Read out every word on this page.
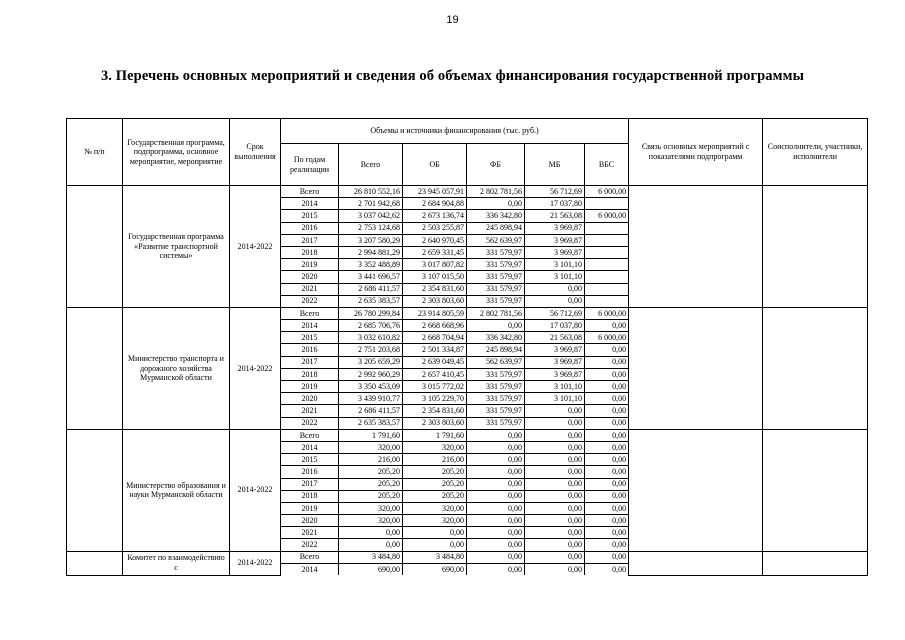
19
3. Перечень основных мероприятий и сведения об объемах финансирования государственной программы
№ п/п	Государственная программа, подпрограмма, основное мероприятие, мероприятие	Срок выполнения	Объемы и источники финансирования (тыс. руб.)						Связь основных мероприятий с показателями подпрограмм	Соисполнители, участники, исполнители
			По годам реализации	Всего	ОБ	ФБ	МБ	ВБС		
	Государственная программа «Развитие транспортной системы»	2014-2022	Всего	26 810 552,16	23 945 057,91	2 802 781,56	56 712,69	6 000,00		
			2014	2 701 942,68	2 684 904,88	0,00	17 037,80			
			2015	3 037 042,62	2 673 136,74	336 342,80	21 563,08	6 000,00		
			2016	2 753 124,68	2 503 255,87	245 898,94	3 969,87			
			2017	3 207 580,29	2 640 970,45	562 639,97	3 969,87			
			2018	2 994 881,29	2 659 331,45	331 579,97	3 969,87			
			2019	3 352 488,89	3 017 807,82	331 579,97	3 101,10			
			2020	3 441 696,57	3 107 015,50	331 579,97	3 101,10			
			2021	2 686 411,57	2 354 831,60	331 579,97	0,00			
			2022	2 635 383,57	2 303 803,60	331 579,97	0,00			
	Министерство транспорта и дорожного хозяйства Мурманской области	2014-2022	Всего	26 780 299,84	23 914 805,59	2 802 781,56	56 712,69	6 000,00		
			2014	2 685 706,76	2 668 668,96	0,00	17 037,80	0,00		
			2015	3 032 610,82	2 668 704,94	336 342,80	21 563,08	6 000,00		
			2016	2 751 203,68	2 501 334,87	245 898,94	3 969,87	0,00		
			2017	3 205 659,29	2 639 049,45	562 639,97	3 969,87	0,00		
			2018	2 992 960,29	2 657 410,45	331 579,97	3 969,87	0,00		
			2019	3 350 453,09	3 015 772,02	331 579,97	3 101,10	0,00		
			2020	3 439 910,77	3 105 229,70	331 579,97	3 101,10	0,00		
			2021	2 686 411,57	2 354 831,60	331 579,97	0,00	0,00		
			2022	2 635 383,57	2 303 803,60	331 579,97	0,00	0,00		
	Министерство образования и науки Мурманской области	2014-2022	Всего	1 791,60	1 791,60	0,00	0,00	0,00		
			2014	320,00	320,00	0,00	0,00	0,00		
			2015	216,00	216,00	0,00	0,00	0,00		
			2016	205,20	205,20	0,00	0,00	0,00		
			2017	205,20	205,20	0,00	0,00	0,00		
			2018	205,20	205,20	0,00	0,00	0,00		
			2019	320,00	320,00	0,00	0,00	0,00		
			2020	320,00	320,00	0,00	0,00	0,00		
			2021	0,00	0,00	0,00	0,00	0,00		
			2022	0,00	0,00	0,00	0,00	0,00		
	Комитет по взаимодействию с	2014-2022	Всего	3 484,80	3 484,80	0,00	0,00	0,00		
			2014	690,00	690,00	0,00	0,00	0,00		
